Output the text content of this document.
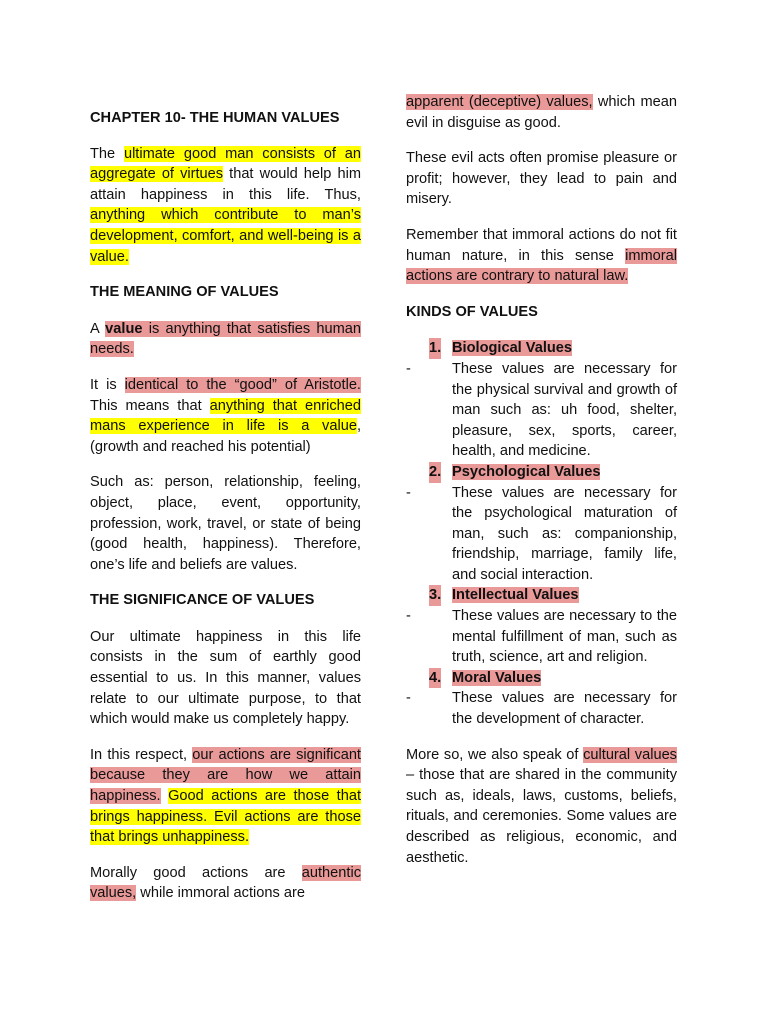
CHAPTER 10- THE HUMAN VALUES

The ultimate good man consists of an aggregate of virtues that would help him attain happiness in this life. Thus, anything which contribute to man’s development, comfort, and well-being is a value.

THE MEANING OF VALUES

A value is anything that satisfies human needs.

It is identical to the “good” of Aristotle. This means that anything that enriched mans experience in life is a value, (growth and reached his potential)

Such as: person, relationship, feeling, object, place, event, opportunity, profession, work, travel, or state of being (good health, happiness). Therefore, one’s life and beliefs are values.

THE SIGNIFICANCE OF VALUES

Our ultimate happiness in this life consists in the sum of earthly good essential to us. In this manner, values relate to our ultimate purpose, to that which would make us completely happy.

In this respect, our actions are significant because they are how we attain happiness. Good actions are those that brings happiness. Evil actions are those that brings unhappiness.

Morally good actions are authentic values, while immoral actions are

apparent (deceptive) values, which mean evil in disguise as good.

These evil acts often promise pleasure or profit; however, they lead to pain and misery.

Remember that immoral actions do not fit human nature, in this sense immoral actions are contrary to natural law.

KINDS OF VALUES
1. Biological Values
-	These values are necessary for the physical survival and growth of man such as: uh food, shelter, pleasure, sex, sports, career, health, and medicine.
2. Psychological Values
-	These values are necessary for the psychological maturation of man, such as: companionship, friendship, marriage, family life, and social interaction.
3. Intellectual Values
-	These values are necessary to the mental fulfillment of man, such as truth, science, art and religion.
4. Moral Values
-	These values are necessary for the development of character.

More so, we also speak of cultural values – those that are shared in the community such as, ideals, laws, customs, beliefs, rituals, and ceremonies. Some values are described as religious, economic, and aesthetic.
